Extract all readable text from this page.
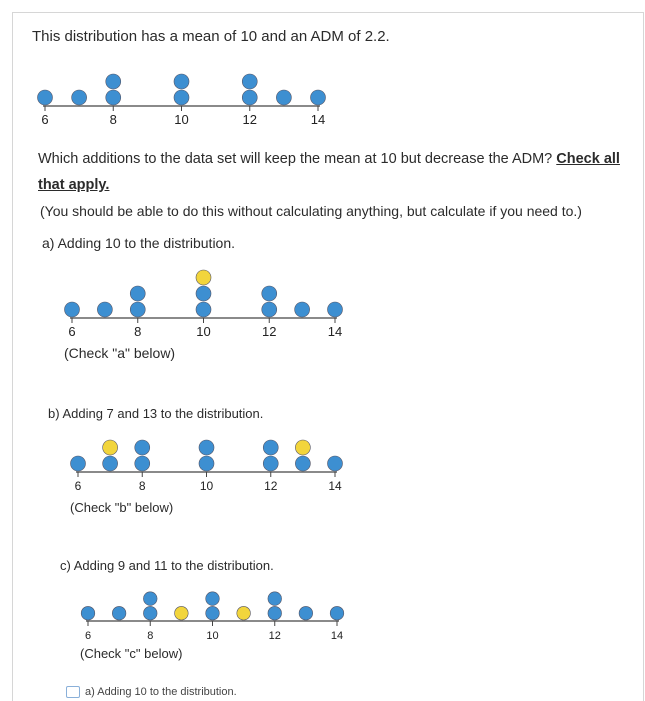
This distribution has a mean of 10 and an ADM of 2.2.
6	8	10	12	14
Which additions to the data set will keep the mean at 10 but decrease the ADM? Check all that apply.
(You should be able to do this without calculating anything, but calculate if you need to.)
a) Adding 10 to the distribution.
(Check "a" below)
b) Adding 7 and 13 to the distribution.
(Check "b" below)
c) Adding 9 and 11 to the distribution.
(Check "c" below)
6	8	10	12	14
6	8	10	12	14
6	8	10	12	14
a) Adding 10 to the distribution.
